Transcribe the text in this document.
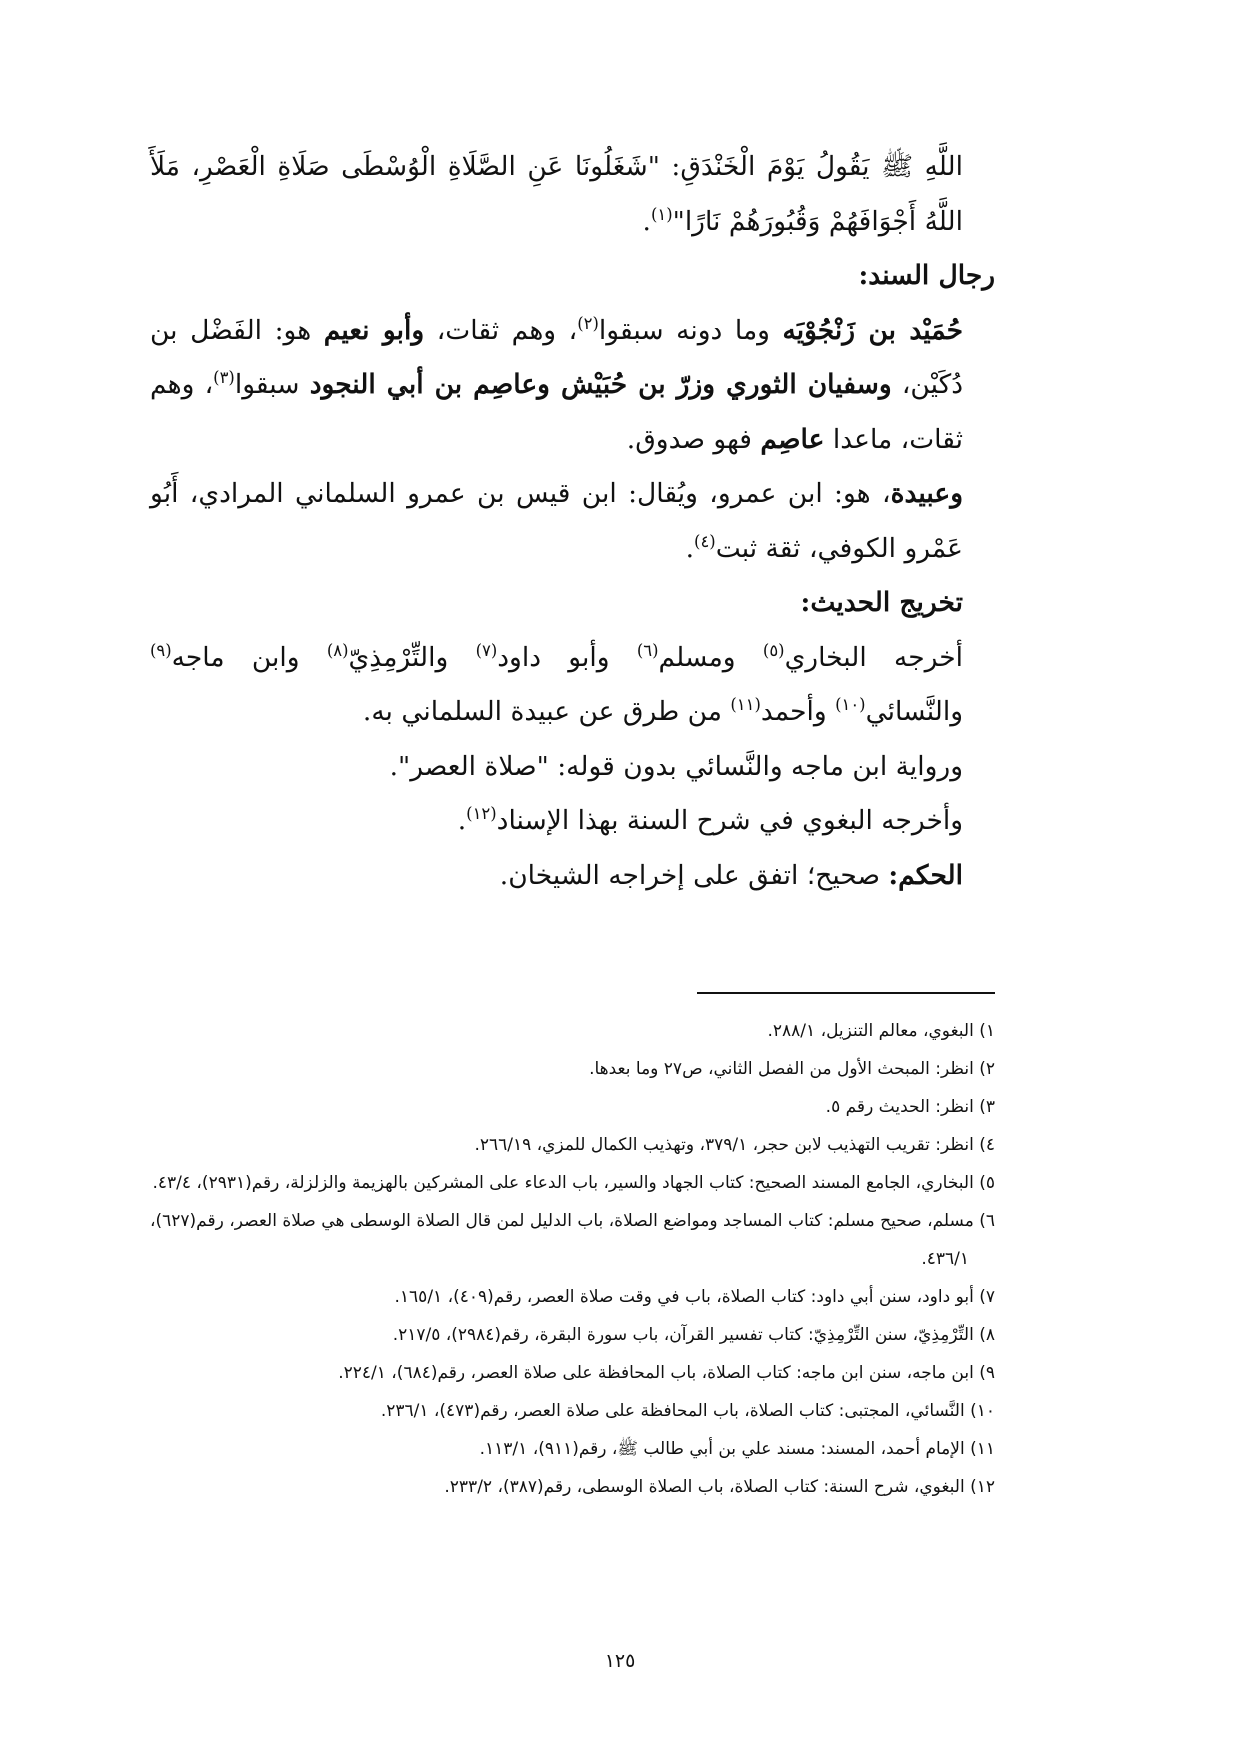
اللَّهِ ﷺ يَقُولُ يَوْمَ الْخَنْدَقِ: "شَغَلُونَا عَنِ الصَّلَاةِ الْوُسْطَى صَلَاةِ الْعَصْرِ، مَلَأَ اللَّهُ أَجْوَافَهُمْ وَقُبُورَهُمْ نَارًا"$^{(١)}$.

رجال السند:

حُمَيْد بن زَنْجُوْيَه وما دونه سبقوا$^{(٢)}$، وهم ثقات، وأبو نعيم هو: الفَضْل بن دُكَيْن، وسفيان الثوري وزرّ بن حُبَيْش وعاصِم بن أبي النجود سبقوا$^{(٣)}$، وهم ثقات، ماعدا عاصِم فهو صدوق.

وعبيدة، هو: ابن عمرو، ويُقال: ابن قيس بن عمرو السلماني المرادي، أَبُو عَمْرو الكوفي، ثقة ثبت$^{(٤)}$.

تخريج الحديث:

أخرجه البخاري$^{(٥)}$ ومسلم$^{(٦)}$ وأبو داود$^{(٧)}$ والتِّرْمِذِيّ$^{(٨)}$ وابن ماجه$^{(٩)}$ والنَّسائي$^{(١٠)}$ وأحمد$^{(١١)}$ من طرق عن عبيدة السلماني به.

ورواية ابن ماجه والنَّسائي بدون قوله: "صلاة العصر".

وأخرجه البغوي في شرح السنة بهذا الإسناد$^{(١٢)}$.

الحكم: صحيح؛ اتفق على إخراجه الشيخان.

١) البغوي، معالم التنزيل، ٢٨٨/١.
٢) انظر: المبحث الأول من الفصل الثاني، ص٢٧ وما بعدها.
٣) انظر: الحديث رقم ٥.
٤) انظر: تقريب التهذيب لابن حجر، ٣٧٩/١، وتهذيب الكمال للمزي، ٢٦٦/١٩.
٥) البخاري، الجامع المسند الصحيح: كتاب الجهاد والسير، باب الدعاء على المشركين بالهزيمة والزلزلة، رقم(٢٩٣١)، ٤٣/٤.
٦) مسلم، صحيح مسلم: كتاب المساجد ومواضع الصلاة، باب الدليل لمن قال الصلاة الوسطى هي صلاة العصر، رقم(٦٢٧)، ٤٣٦/١.
٧) أبو داود، سنن أبي داود: كتاب الصلاة، باب في وقت صلاة العصر، رقم(٤٠٩)، ١٦٥/١.
٨) التِّرْمِذِيّ، سنن التِّرْمِذِيّ: كتاب تفسير القرآن، باب سورة البقرة، رقم(٢٩٨٤)، ٢١٧/٥.
٩) ابن ماجه، سنن ابن ماجه: كتاب الصلاة، باب المحافظة على صلاة العصر، رقم(٦٨٤)، ٢٢٤/١.
١٠) النَّسائي، المجتبى: كتاب الصلاة، باب المحافظة على صلاة العصر، رقم(٤٧٣)، ٢٣٦/١.
١١) الإمام أحمد، المسند: مسند علي بن أبي طالب ﷺ، رقم(٩١١)، ١١٣/١.
١٢) البغوي، شرح السنة: كتاب الصلاة، باب الصلاة الوسطى، رقم(٣٨٧)، ٢٣٣/٢.
١٢٥
